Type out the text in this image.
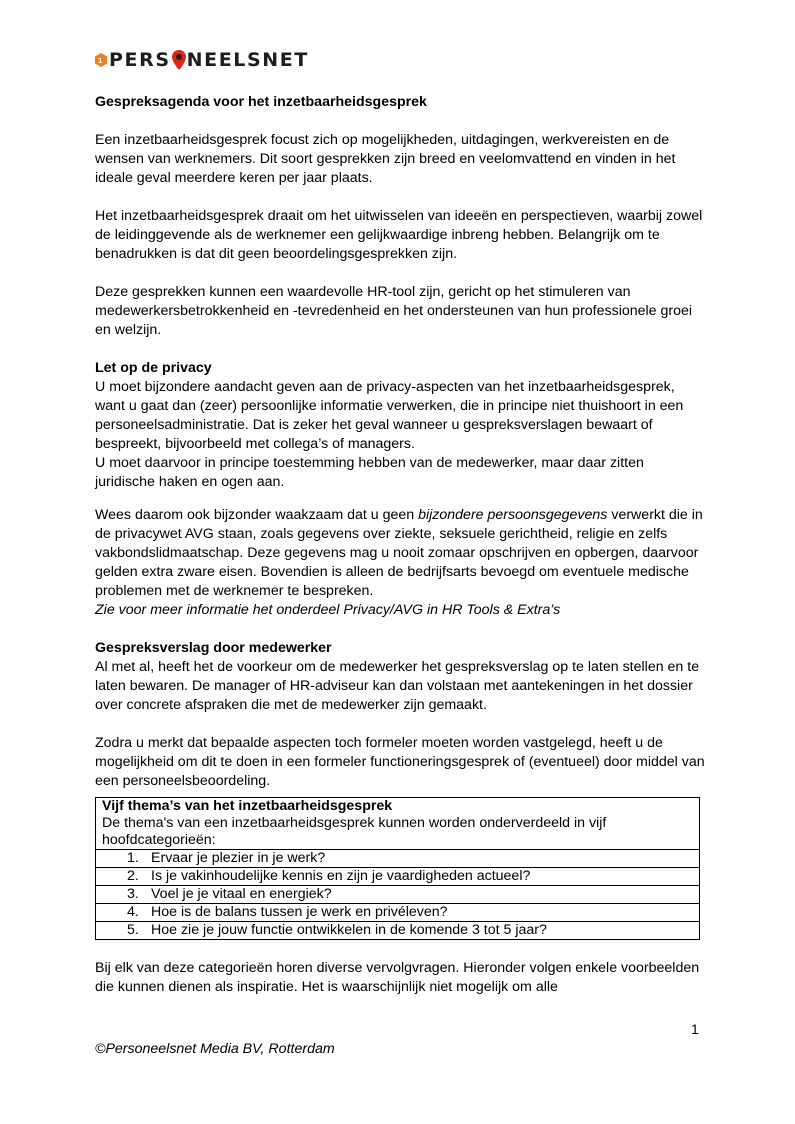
1 PERS NEELSNET

Gespreksagenda voor het inzetbaarheidsgesprek

Een inzetbaarheidsgesprek focust zich op mogelijkheden, uitdagingen, werkvereisten en de wensen van werknemers. Dit soort gesprekken zijn breed en veelomvattend en vinden in het ideale geval meerdere keren per jaar plaats.

Het inzetbaarheidsgesprek draait om het uitwisselen van ideeën en perspectieven, waarbij zowel de leidinggevende als de werknemer een gelijkwaardige inbreng hebben. Belangrijk om te benadrukken is dat dit geen beoordelingsgesprekken zijn.

Deze gesprekken kunnen een waardevolle HR-tool zijn, gericht op het stimuleren van medewerkersbetrokkenheid en -tevredenheid en het ondersteunen van hun professionele groei en welzijn.

Let op de privacy

U moet bijzondere aandacht geven aan de privacy-aspecten van het inzetbaarheidsgesprek, want u gaat dan (zeer) persoonlijke informatie verwerken, die in principe niet thuishoort in een personeelsadministratie. Dat is zeker het geval wanneer u gespreksverslagen bewaart of bespreekt, bijvoorbeeld met collega’s of managers.

U moet daarvoor in principe toestemming hebben van de medewerker, maar daar zitten juridische haken en ogen aan.

Wees daarom ook bijzonder waakzaam dat u geen bijzondere persoonsgegevens verwerkt die in de privacywet AVG staan, zoals gegevens over ziekte, seksuele gerichtheid, religie en zelfs vakbondslidmaatschap. Deze gegevens mag u nooit zomaar opschrijven en opbergen, daarvoor gelden extra zware eisen. Bovendien is alleen de bedrijfsarts bevoegd om eventuele medische problemen met de werknemer te bespreken.

Zie voor meer informatie het onderdeel Privacy/AVG in HR Tools & Extra’s

Gespreksverslag door medewerker

Al met al, heeft het de voorkeur om de medewerker het gespreksverslag op te laten stellen en te laten bewaren. De manager of HR-adviseur kan dan volstaan met aantekeningen in het dossier over concrete afspraken die met de medewerker zijn gemaakt.

Zodra u merkt dat bepaalde aspecten toch formeler moeten worden vastgelegd, heeft u de mogelijkheid om dit te doen in een formeler functioneringsgesprek of (eventueel) door middel van een personeelsbeoordeling.

Vijf thema’s van het inzetbaarheidsgesprek
De thema's van een inzetbaarheidsgesprek kunnen worden onderverdeeld in vijf hoofdcategorieën:

1. Ervaar je plezier in je werk?
2. Is je vakinhoudelijke kennis en zijn je vaardigheden actueel?
3. Voel je je vitaal en energiek?
4. Hoe is de balans tussen je werk en privéleven?
5. Hoe zie je jouw functie ontwikkelen in de komende 3 tot 5 jaar?

Bij elk van deze categorieën horen diverse vervolgvragen. Hieronder volgen enkele voorbeelden die kunnen dienen als inspiratie. Het is waarschijnlijk niet mogelijk om alle

1
©Personeelsnet Media BV, Rotterdam
